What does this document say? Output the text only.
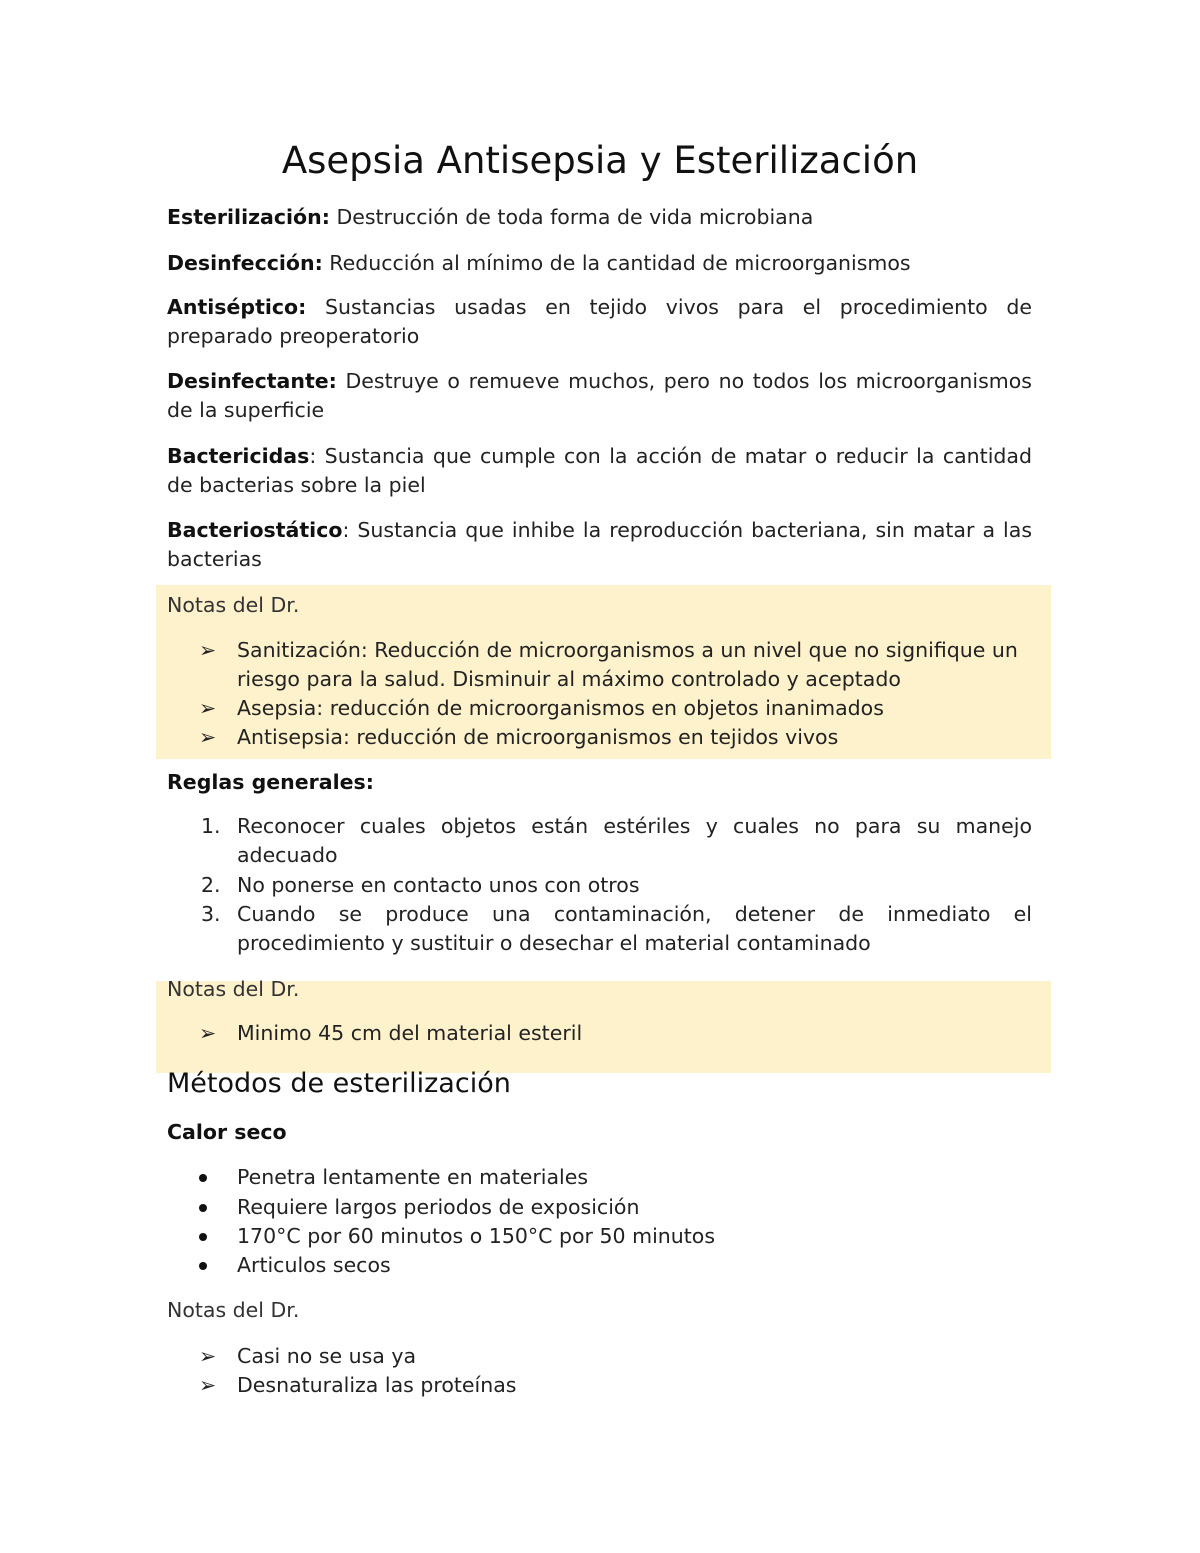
Asepsia Antisepsia y Esterilización

Esterilización: Destrucción de toda forma de vida microbiana

Desinfección: Reducción al mínimo de la cantidad de microorganismos

Antiséptico: Sustancias usadas en tejido vivos para el procedimiento de preparado preoperatorio

Desinfectante: Destruye o remueve muchos, pero no todos los microorganismos de la superficie

Bactericidas: Sustancia que cumple con la acción de matar o reducir la cantidad de bacterias sobre la piel

Bacteriostático: Sustancia que inhibe la reproducción bacteriana, sin matar a las bacterias

Notas del Dr.

➢	Sanitización: Reducción de microorganismos a un nivel que no signifique un riesgo para la salud. Disminuir al máximo controlado y aceptado

➢	Asepsia: reducción de microorganismos en objetos inanimados

➢	Antisepsia: reducción de microorganismos en tejidos vivos

Reglas generales:

1. Reconocer cuales objetos están estériles y cuales no para su manejo adecuado

2. No ponerse en contacto unos con otros

3. Cuando se produce una contaminación, detener de inmediato el procedimiento y sustituir o desechar el material contaminado

Notas del Dr.

➢	Minimo 45 cm del material esteril

Métodos de esterilización
Calor seco

Penetra lentamente en materiales

Requiere largos periodos de exposición

170°C por 60 minutos o 150°C por 50 minutos

Articulos secos

Notas del Dr.

➢	Casi no se usa ya

➢	Desnaturaliza las proteínas
